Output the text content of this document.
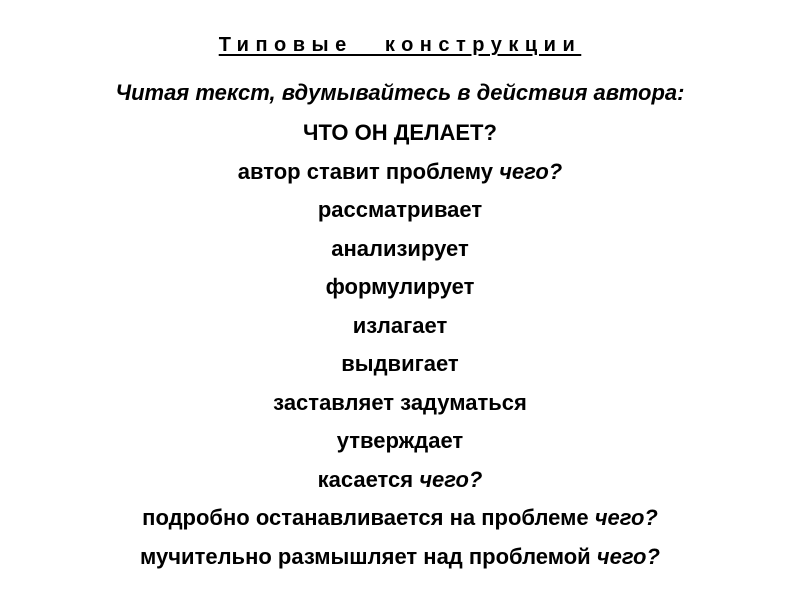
Типовые конструкции
Читая текст, вдумывайтесь в действия автора:
ЧТО ОН ДЕЛАЕТ?
автор ставит проблему чего?
рассматривает
анализирует
формулирует
излагает
выдвигает
заставляет задуматься
утверждает
касается чего?
подробно останавливается на проблеме чего?
мучительно размышляет над проблемой чего?
